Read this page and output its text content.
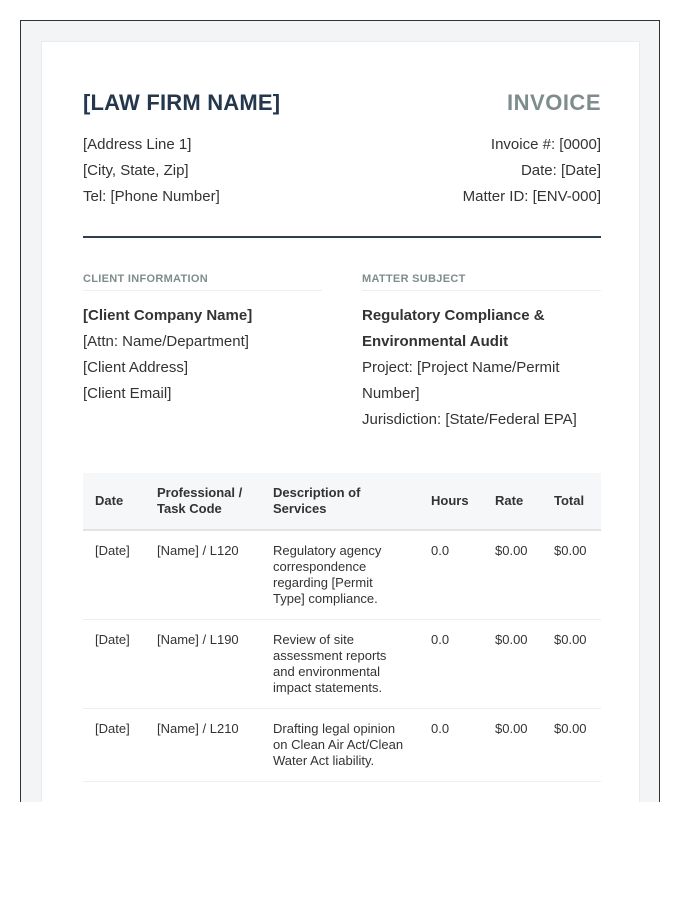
[LAW FIRM NAME]	INVOICE
[Address Line 1]
[City, State, Zip]
Tel: [Phone Number]
Invoice #: [0000]
Date: [Date]
Matter ID: [ENV-000]
CLIENT INFORMATION
[Client Company Name]
[Attn: Name/Department]
[Client Address]
[Client Email]
MATTER SUBJECT
Regulatory Compliance & Environmental Audit
Project: [Project Name/Permit Number]
Jurisdiction: [State/Federal EPA]
Date	Professional / Task Code	Description of Services	Hours	Rate	Total
[Date]	[Name] / L120	Regulatory agency correspondence regarding [Permit Type] compliance.	0.0	$0.00	$0.00
[Date]	[Name] / L190	Review of site assessment reports and environmental impact statements.	0.0	$0.00	$0.00
[Date]	[Name] / L210	Drafting legal opinion on Clean Air Act/Clean Water Act liability.	0.0	$0.00	$0.00
